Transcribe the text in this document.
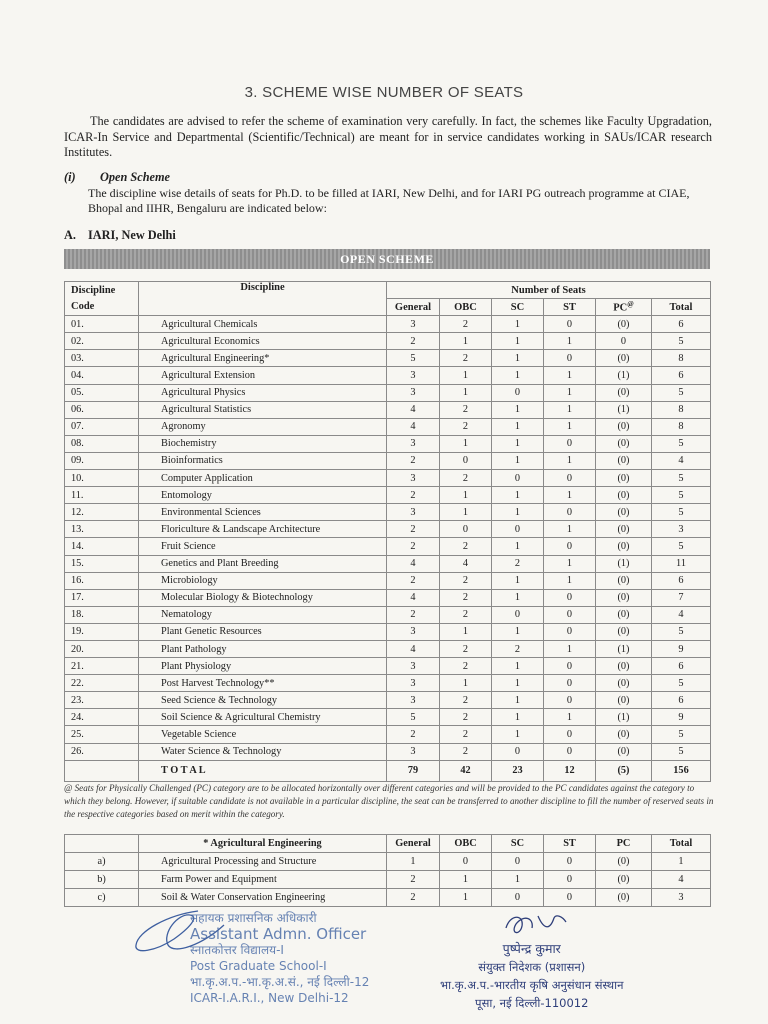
3. SCHEME WISE NUMBER OF SEATS
The candidates are advised to refer the scheme of examination very carefully. In fact, the schemes like Faculty Upgradation, ICAR-In Service and Departmental (Scientific/Technical) are meant for in service candidates working in SAUs/ICAR research Institutes.
(i) Open Scheme
The discipline wise details of seats for Ph.D. to be filled at IARI, New Delhi, and for IARI PG outreach programme at CIAE, Bhopal and IIHR, Bengaluru are indicated below:
A. IARI, New Delhi
OPEN SCHEME
Discipline Code	Discipline	Number of Seats					
		General	OBC	SC	ST	PC@	Total
01.	Agricultural Chemicals	3	2	1	0	(0)	6
02.	Agricultural Economics	2	1	1	1	0	5
03.	Agricultural Engineering*	5	2	1	0	(0)	8
04.	Agricultural Extension	3	1	1	1	(1)	6
05.	Agricultural Physics	3	1	0	1	(0)	5
06.	Agricultural Statistics	4	2	1	1	(1)	8
07.	Agronomy	4	2	1	1	(0)	8
08.	Biochemistry	3	1	1	0	(0)	5
09.	Bioinformatics	2	0	1	1	(0)	4
10.	Computer Application	3	2	0	0	(0)	5
11.	Entomology	2	1	1	1	(0)	5
12.	Environmental Sciences	3	1	1	0	(0)	5
13.	Floriculture & Landscape Architecture	2	0	0	1	(0)	3
14.	Fruit Science	2	2	1	0	(0)	5
15.	Genetics and Plant Breeding	4	4	2	1	(1)	11
16.	Microbiology	2	2	1	1	(0)	6
17.	Molecular Biology & Biotechnology	4	2	1	0	(0)	7
18.	Nematology	2	2	0	0	(0)	4
19.	Plant Genetic Resources	3	1	1	0	(0)	5
20.	Plant Pathology	4	2	2	1	(1)	9
21.	Plant Physiology	3	2	1	0	(0)	6
22.	Post Harvest Technology**	3	1	1	0	(0)	5
23.	Seed Science & Technology	3	2	1	0	(0)	6
24.	Soil Science & Agricultural Chemistry	5	2	1	1	(1)	9
25.	Vegetable Science	2	2	1	0	(0)	5
26.	Water Science & Technology	3	2	0	0	(0)	5
	T O T A L	79	42	23	12	(5)	156
@ Seats for Physically Challenged (PC) category are to be allocated horizontally over different categories and will be provided to the PC candidates against the category to which they belong. However, if suitable candidate is not available in a particular discipline, the seat can be transferred to another discipline to fill the number of reserved seats in the respective categories based on merit within the category.
	* Agricultural Engineering	General	OBC	SC	ST	PC	Total
a)	Agricultural Processing and Structure	1	0	0	0	(0)	1
b)	Farm Power and Equipment	2	1	1	0	(0)	4
c)	Soil & Water Conservation Engineering	2	1	0	0	(0)	3
सहायक प्रशासनिक अधिकारी
Assistant Admn. Officer
स्नातकोत्तर विद्यालय-I
Post Graduate School-I
भा.कृ.अ.प.-भा.कृ.अ.सं., नई दिल्ली-12
ICAR-I.A.R.I., New Delhi-12
पुष्पेन्द्र कुमार
संयुक्त निदेशक (प्रशासन)
भा.कृ.अ.प.-भारतीय कृषि अनुसंधान संस्थान
पूसा, नई दिल्ली-110012
